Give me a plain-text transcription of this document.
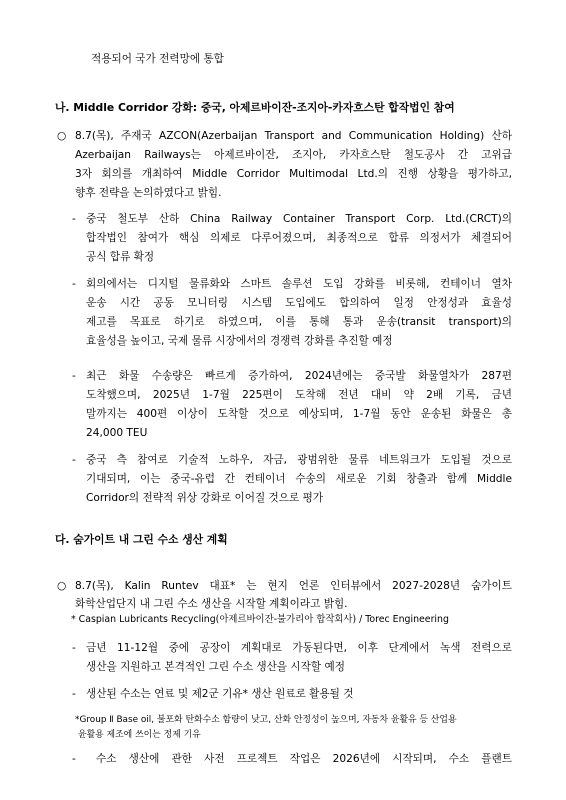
적용되어 국가 전력망에 통합
나. Middle Corridor 강화: 중국, 아제르바이잔-조지아-카자흐스탄 합작법인 참여
○ 8.7(목), 주재국 AZCON(Azerbaijan Transport and Communication Holding) 산하
Azerbaijan Railways는 아제르바이잔, 조지아, 카자흐스탄 철도공사 간 고위급
3자 회의를 개최하여 Middle Corridor Multimodal Ltd.의 진행 상황을 평가하고,
향후 전략을 논의하였다고 밝힘.
- 중국 철도부 산하 China Railway Container Transport Corp. Ltd.(CRCT)의
합작법인 참여가 핵심 의제로 다루어졌으며, 최종적으로 합류 의정서가 체결되어
공식 합류 확정
- 회의에서는 디지털 물류화와 스마트 솔루션 도입 강화를 비롯해, 컨테이너 열차
운송 시간 공동 모니터링 시스템 도입에도 합의하여 일정 안정성과 효율성
제고를 목표로 하기로 하였으며, 이를 통해 통과 운송(transit transport)의
효율성을 높이고, 국제 물류 시장에서의 경쟁력 강화를 추진할 예정
- 최근 화물 수송량은 빠르게 증가하여, 2024년에는 중국발 화물열차가 287편
도착했으며, 2025년 1-7월 225편이 도착해 전년 대비 약 2배 기록, 금년
말까지는 400편 이상이 도착할 것으로 예상되며, 1-7월 동안 운송된 화물은 총
24,000 TEU
- 중국 측 참여로 기술적 노하우, 자금, 광범위한 물류 네트워크가 도입될 것으로
기대되며, 이는 중국-유럽 간 컨테이너 수송의 새로운 기회 창출과 함께 Middle
Corridor의 전략적 위상 강화로 이어질 것으로 평가
다. 숨가이트 내 그린 수소 생산 계획
○ 8.7(목), Kalin Runtev 대표* 는 현지 언론 인터뷰에서 2027-2028년 숨가이트
화학산업단지 내 그린 수소 생산을 시작할 계획이라고 밝힘.
* Caspian Lubricants Recycling(아제르바이잔-불가리아 합작회사) / Torec Engineering
- 금년 11-12월 중에 공장이 계획대로 가동된다면, 이후 단계에서 녹색 전력으로
생산을 지원하고 본격적인 그린 수소 생산을 시작할 예정
- 생산된 수소는 연료 및 제2군 기유* 생산 원료로 활용될 것
*Group Ⅱ Base oil, 불포화 탄화수소 함량이 낮고, 산화 안정성이 높으며, 자동차 윤활유 등 산업용
윤활용 제조에 쓰이는 정제 기유
- 수소 생산에 관한 사전 프로젝트 작업은 2026년에 시작되며, 수소 플랜트
